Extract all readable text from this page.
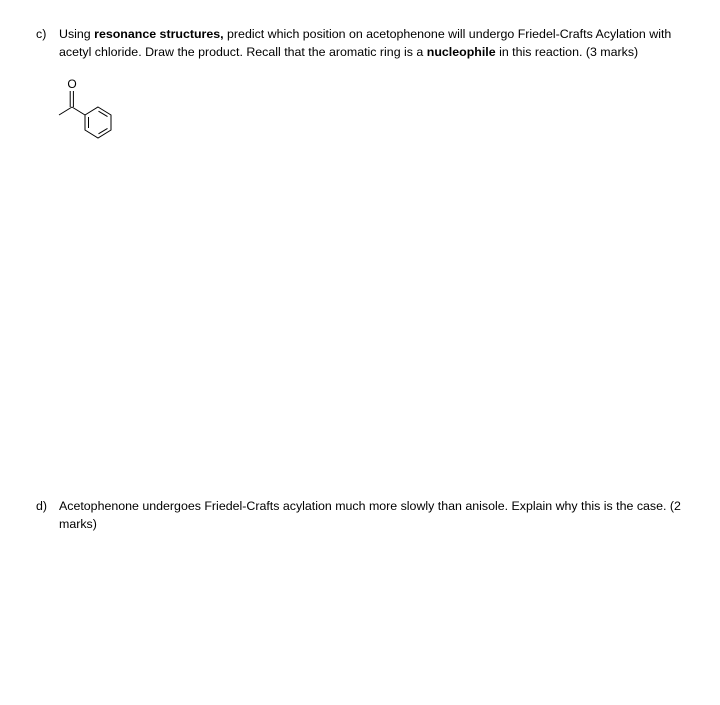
c) Using resonance structures, predict which position on acetophenone will undergo Friedel-Crafts Acylation with acetyl chloride. Draw the product. Recall that the aromatic ring is a nucleophile in this reaction. (3 marks)
O
d) Acetophenone undergoes Friedel-Crafts acylation much more slowly than anisole. Explain why this is the case. (2 marks)
